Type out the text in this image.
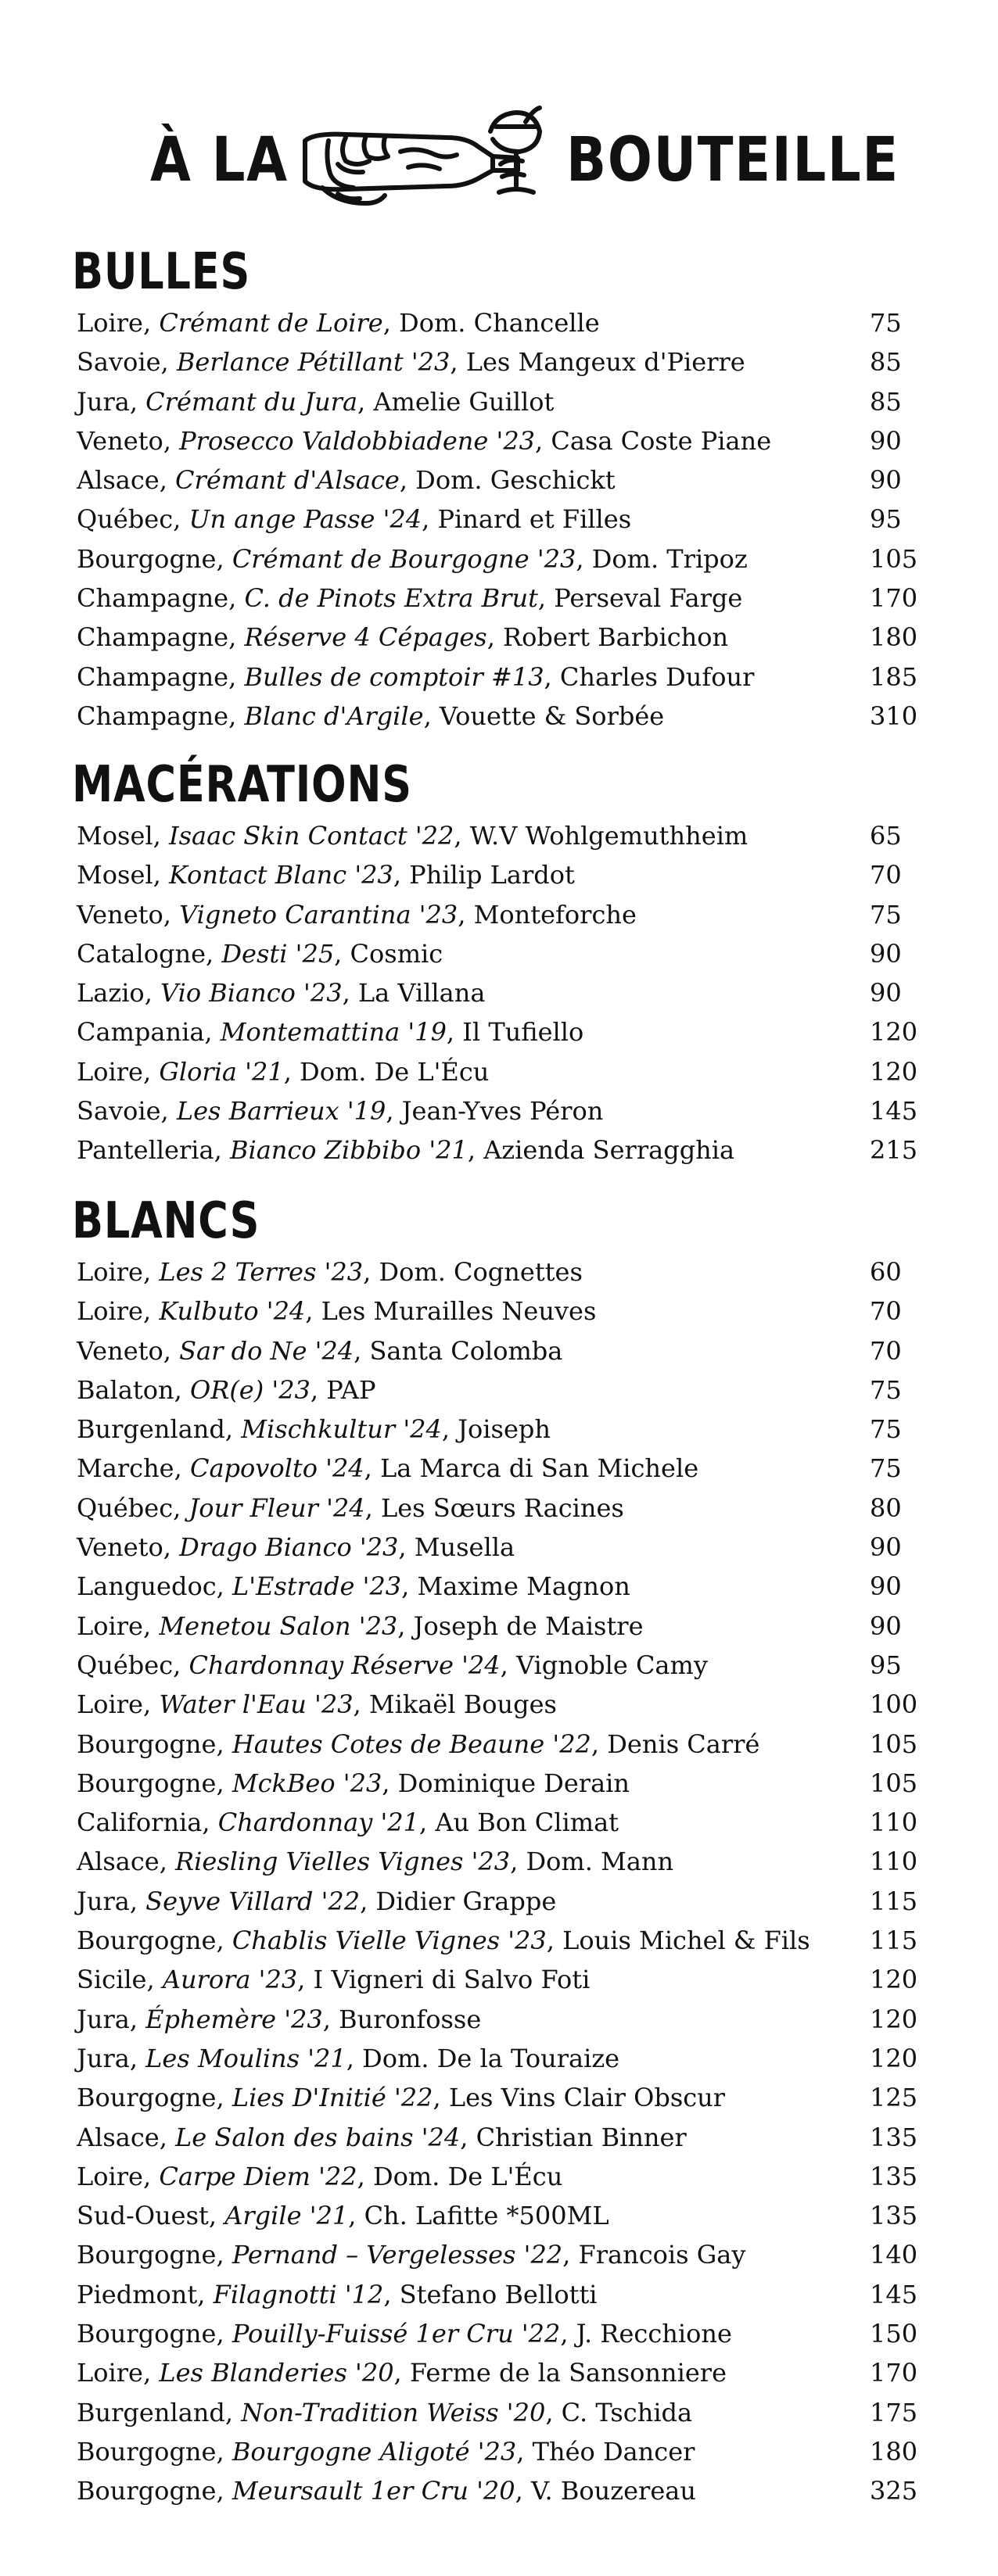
À LA	BOUTEILLE
BULLES
Loire, Crémant de Loire, Dom. Chancelle	75
Savoie, Berlance Pétillant '23, Les Mangeux d'Pierre	85
Jura, Crémant du Jura, Amelie Guillot	85
Veneto, Prosecco Valdobbiadene '23, Casa Coste Piane	90
Alsace, Crémant d'Alsace, Dom. Geschickt	90
Québec, Un ange Passe '24, Pinard et Filles	95
Bourgogne, Crémant de Bourgogne '23, Dom. Tripoz	105
Champagne, C. de Pinots Extra Brut, Perseval Farge	170
Champagne, Réserve 4 Cépages, Robert Barbichon	180
Champagne, Bulles de comptoir #13, Charles Dufour	185
Champagne, Blanc d'Argile, Vouette & Sorbée	310
MACÉRATIONS
Mosel, Isaac Skin Contact '22, W.V Wohlgemuthheim	65
Mosel, Kontact Blanc '23, Philip Lardot	70
Veneto, Vigneto Carantina '23, Monteforche	75
Catalogne, Desti '25, Cosmic	90
Lazio, Vio Bianco '23, La Villana	90
Campania, Montemattina '19, Il Tufiello	120
Loire, Gloria '21, Dom. De L'Écu	120
Savoie, Les Barrieux '19, Jean-Yves Péron	145
Pantelleria, Bianco Zibbibo '21, Azienda Serragghia	215
BLANCS
Loire, Les 2 Terres '23, Dom. Cognettes	60
Loire, Kulbuto '24, Les Murailles Neuves	70
Veneto, Sar do Ne '24, Santa Colomba	70
Balaton, OR(e) '23, PAP	75
Burgenland, Mischkultur '24, Joiseph	75
Marche, Capovolto '24, La Marca di San Michele	75
Québec, Jour Fleur '24, Les Sœurs Racines	80
Veneto, Drago Bianco '23, Musella	90
Languedoc, L'Estrade '23, Maxime Magnon	90
Loire, Menetou Salon '23, Joseph de Maistre	90
Québec, Chardonnay Réserve '24, Vignoble Camy	95
Loire, Water l'Eau '23, Mikaël Bouges	100
Bourgogne, Hautes Cotes de Beaune '22, Denis Carré	105
Bourgogne, MckBeo '23, Dominique Derain	105
California, Chardonnay '21, Au Bon Climat	110
Alsace, Riesling Vielles Vignes '23, Dom. Mann	110
Jura, Seyve Villard '22, Didier Grappe	115
Bourgogne, Chablis Vielle Vignes '23, Louis Michel & Fils 115
Sicile, Aurora '23, I Vigneri di Salvo Foti	120
Jura, Éphemère '23, Buronfosse	120
Jura, Les Moulins '21, Dom. De la Touraize	120
Bourgogne, Lies D'Initié '22, Les Vins Clair Obscur	125
Alsace, Le Salon des bains '24, Christian Binner	135
Loire, Carpe Diem '22, Dom. De L'Écu	135
Sud-Ouest, Argile '21, Ch. Lafitte *500ML	135
Bourgogne, Pernand – Vergelesses '22, Francois Gay	140
Piedmont, Filagnotti '12, Stefano Bellotti	145
Bourgogne, Pouilly-Fuissé 1er Cru '22, J. Recchione	150
Loire, Les Blanderies '20, Ferme de la Sansonniere	170
Burgenland, Non-Tradition Weiss '20, C. Tschida	175
Bourgogne, Bourgogne Aligoté '23, Théo Dancer	180
Bourgogne, Meursault 1er Cru '20, V. Bouzereau	325
